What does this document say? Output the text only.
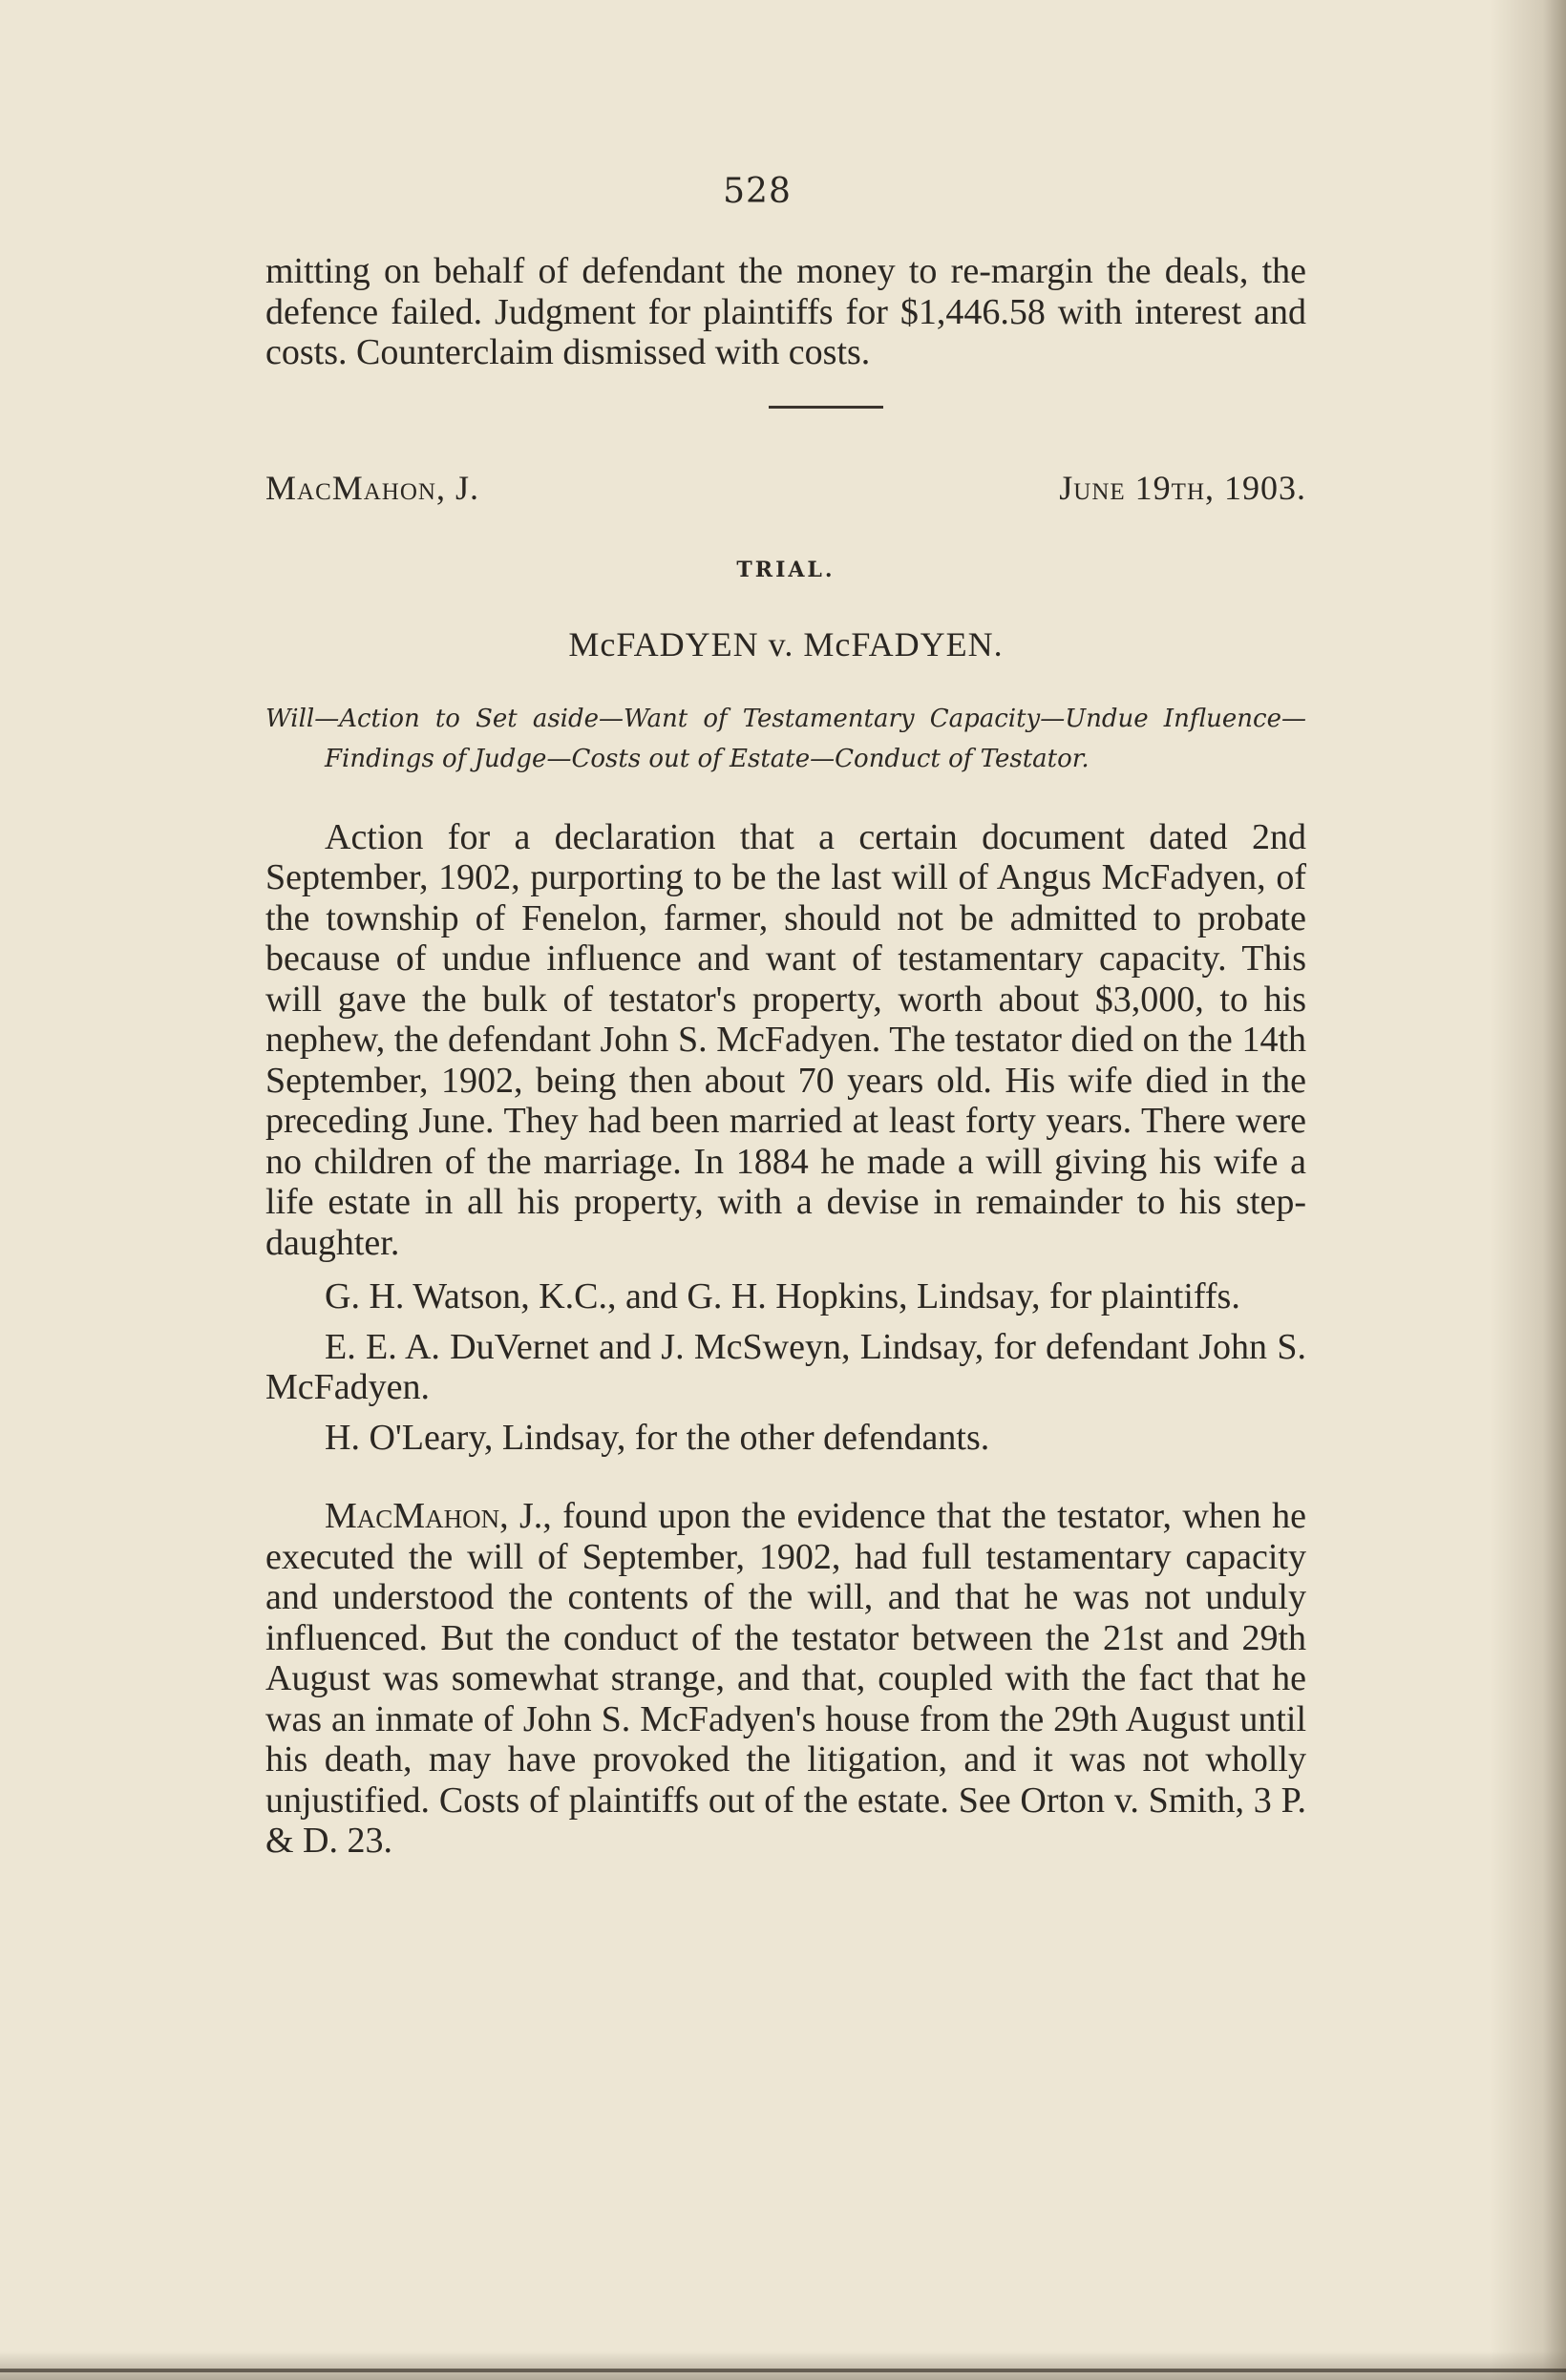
528

mitting on behalf of defendant the money to re-margin the deals, the defence failed. Judgment for plaintiffs for $1,446.58 with interest and costs. Counterclaim dismissed with costs.

MacMahon, J.	June 19th, 1903.
TRIAL.
McFADYEN v. McFADYEN.
Will—Action to Set aside—Want of Testamentary Capacity—Undue Influence—Findings of Judge—Costs out of Estate—Conduct of Testator.

Action for a declaration that a certain document dated 2nd September, 1902, purporting to be the last will of Angus McFadyen, of the township of Fenelon, farmer, should not be admitted to probate because of undue influence and want of testamentary capacity. This will gave the bulk of testator's property, worth about $3,000, to his nephew, the defendant John S. McFadyen. The testator died on the 14th September, 1902, being then about 70 years old. His wife died in the preceding June. They had been married at least forty years. There were no children of the marriage. In 1884 he made a will giving his wife a life estate in all his property, with a devise in remainder to his step-daughter.

G. H. Watson, K.C., and G. H. Hopkins, Lindsay, for plaintiffs.

E. E. A. DuVernet and J. McSweyn, Lindsay, for defendant John S. McFadyen.

H. O'Leary, Lindsay, for the other defendants.

MacMahon, J., found upon the evidence that the testator, when he executed the will of September, 1902, had full testamentary capacity and understood the contents of the will, and that he was not unduly influenced. But the conduct of the testator between the 21st and 29th August was somewhat strange, and that, coupled with the fact that he was an inmate of John S. McFadyen's house from the 29th August until his death, may have provoked the litigation, and it was not wholly unjustified. Costs of plaintiffs out of the estate. See Orton v. Smith, 3 P. & D. 23.
